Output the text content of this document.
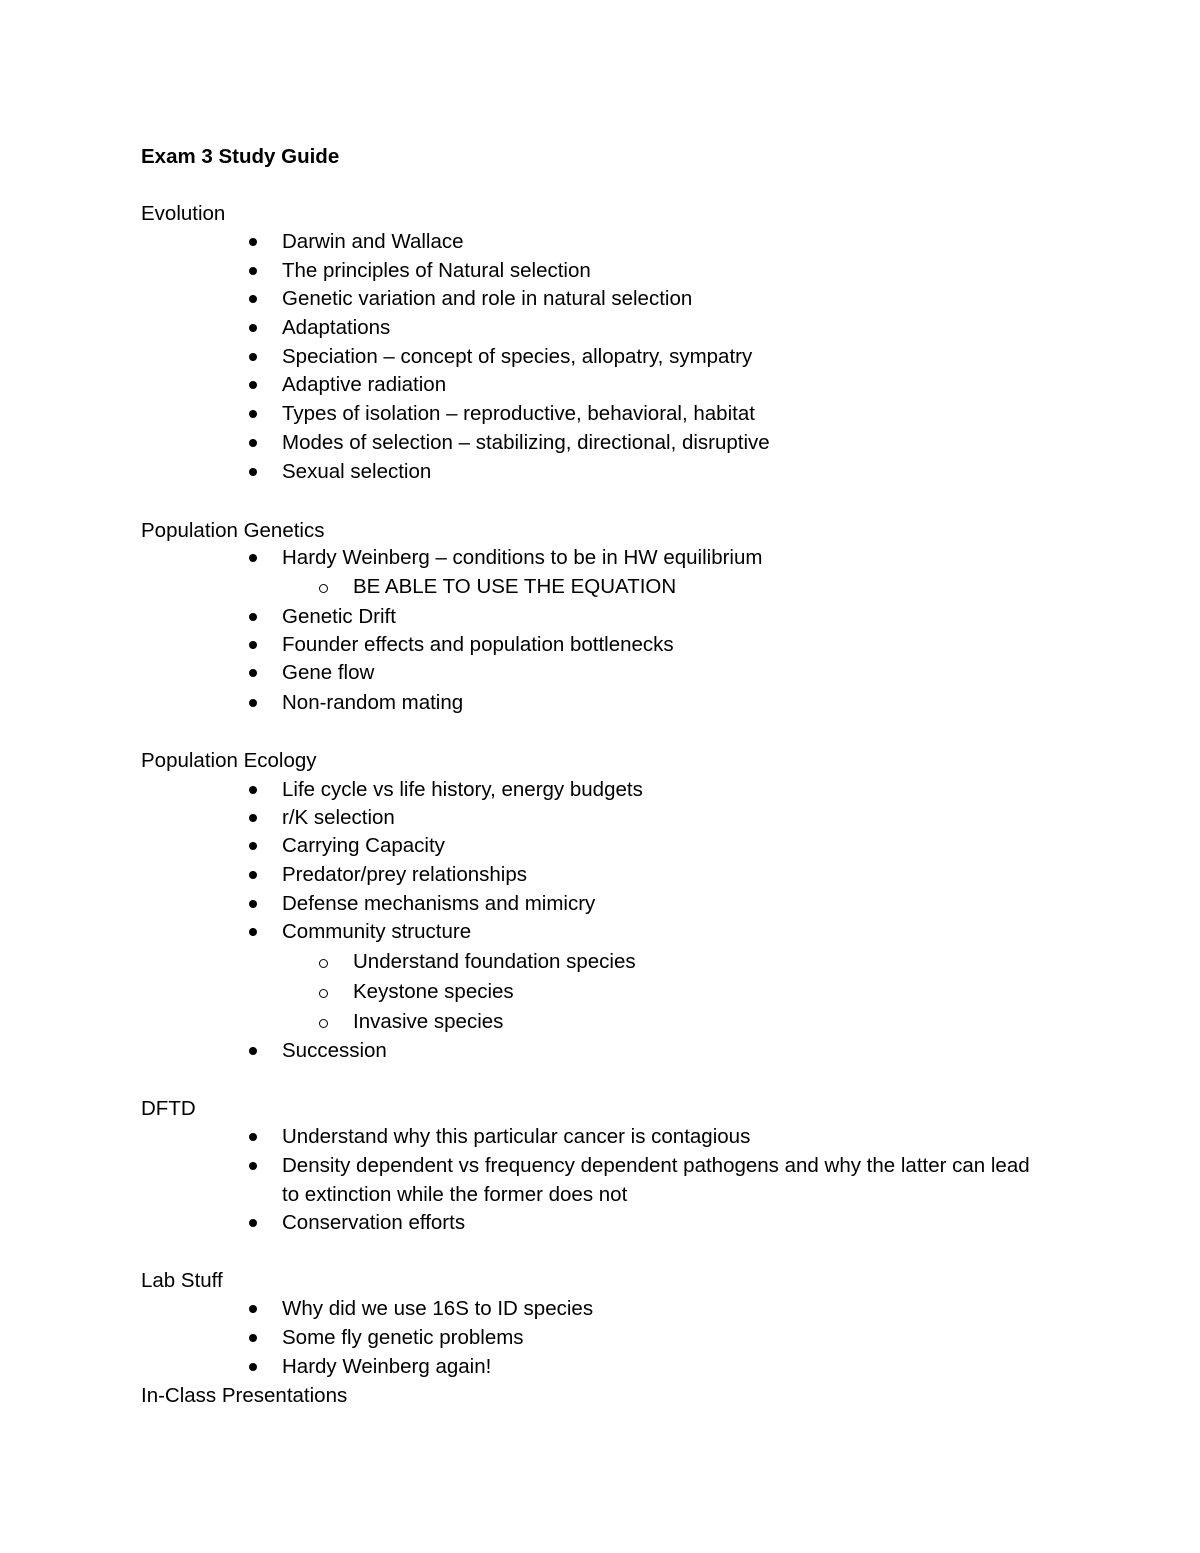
Exam 3 Study Guide
Evolution
Darwin and Wallace
The principles of Natural selection
Genetic variation and role in natural selection
Adaptations
Speciation – concept of species, allopatry, sympatry
Adaptive radiation
Types of isolation – reproductive, behavioral, habitat
Modes of selection – stabilizing, directional, disruptive
Sexual selection
Population Genetics
Hardy Weinberg – conditions to be in HW equilibrium
BE ABLE TO USE THE EQUATION
Genetic Drift
Founder effects and population bottlenecks
Gene flow
Non-random mating
Population Ecology
Life cycle vs life history, energy budgets
r/K selection
Carrying Capacity
Predator/prey relationships
Defense mechanisms and mimicry
Community structure
Understand foundation species
Keystone species
Invasive species
Succession
DFTD
Understand why this particular cancer is contagious
Density dependent vs frequency dependent pathogens and why the latter can lead to extinction while the former does not
Conservation efforts
Lab Stuff
Why did we use 16S to ID species
Some fly genetic problems
Hardy Weinberg again!
In-Class Presentations
